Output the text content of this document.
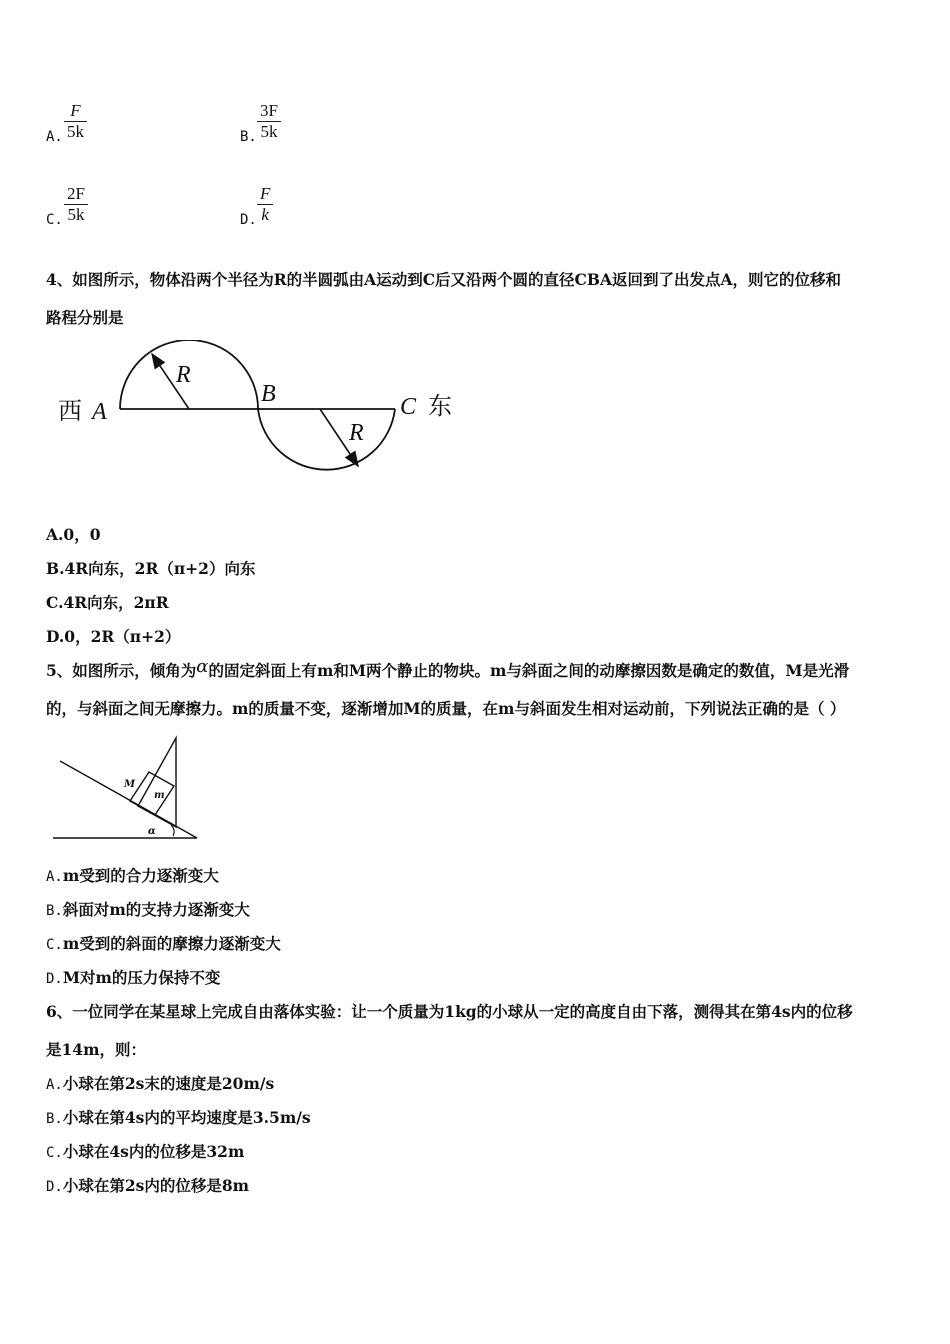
A.
F
5k	B.
3F
5k
C.
2F
5k	D.
F
k
4、如图所示，物体沿两个半径为R的半圆弧由A运动到C后又沿两个圆的直径CBA返回到了出发点A，则它的位移和
路程分别是
西 A
B	C 东
R
R
A.0，0
B.4R向东，2R（π+2）向东
C.4R向东，2πR
D.0，2R（π+2）
5、如图所示，倾角为α的固定斜面上有m和M两个静止的物块。m与斜面之间的动摩擦因数是确定的数值，M是光滑
的，与斜面之间无摩擦力。m的质量不变，逐渐增加M的质量，在m与斜面发生相对运动前，下列说法正确的是（ ）
M
m
α
A.m受到的合力逐渐变大
B.斜面对m的支持力逐渐变大
C.m受到的斜面的摩擦力逐渐变大
D.M对m的压力保持不变
6、一位同学在某星球上完成自由落体实验：让一个质量为1kg的小球从一定的高度自由下落，测得其在第4s内的位移
是14m，则：
A.小球在第2s末的速度是20m/s
B.小球在第4s内的平均速度是3.5m/s
C.小球在4s内的位移是32m
D.小球在第2s内的位移是8m
